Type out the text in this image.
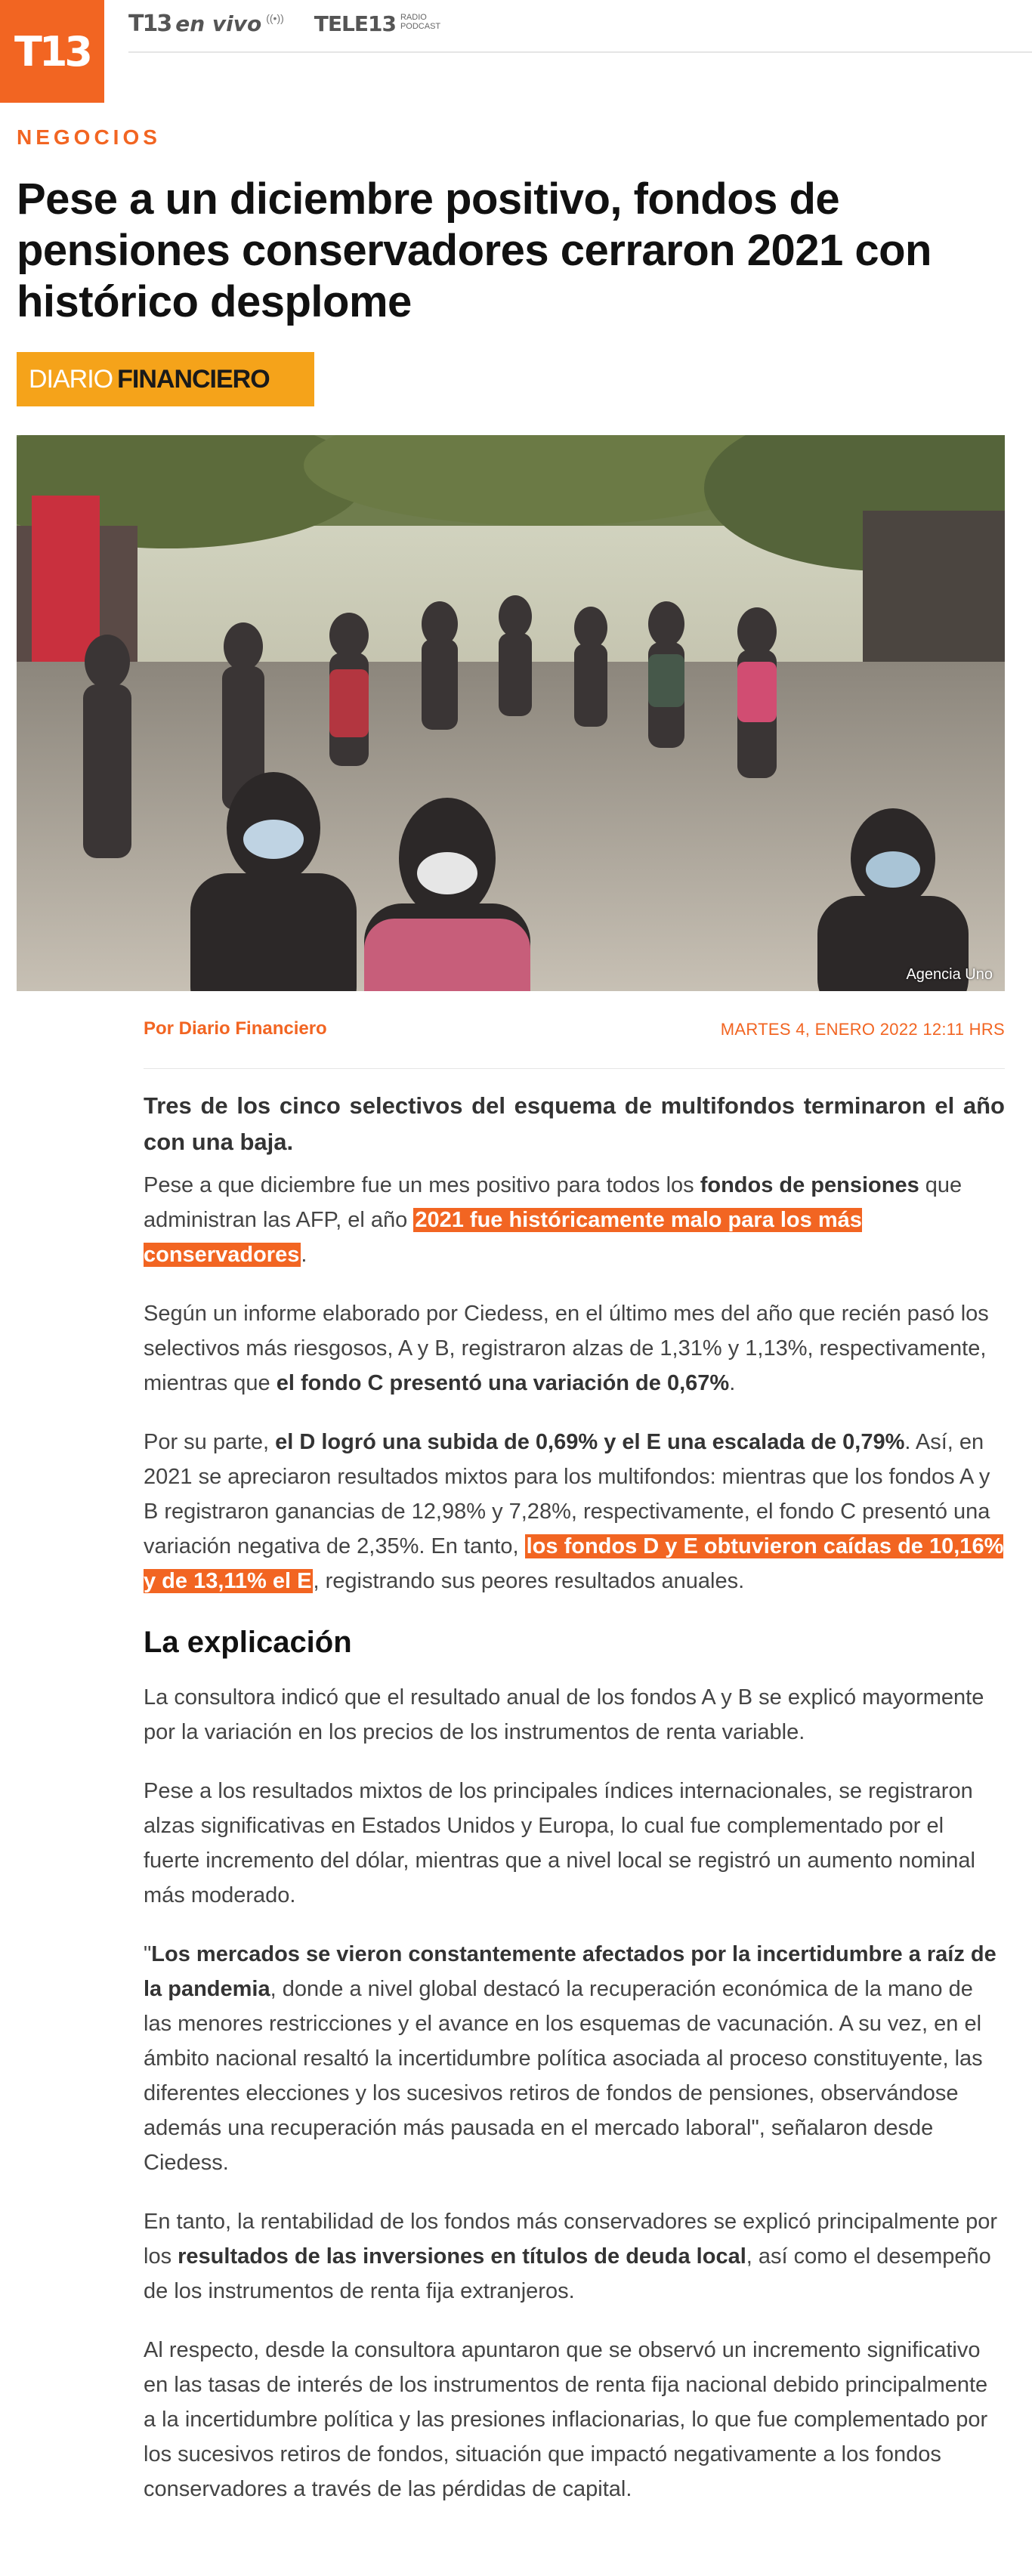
T13
T13 en vivo ((•)) TELE13 RADIO
PODCAST
NEGOCIOS
Pese a un diciembre positivo, fondos de pensiones conservadores cerraron 2021 con histórico desplome
DIARIO FINANCIERO
Agencia Uno
Por Diario Financiero	MARTES 4, ENERO 2022 12:11 HRS

Tres de los cinco selectivos del esquema de multifondos terminaron el año con una baja.

Pese a que diciembre fue un mes positivo para todos los fondos de pensiones que administran las AFP, el año 2021 fue históricamente malo para los más conservadores.

Según un informe elaborado por Ciedess, en el último mes del año que recién pasó los selectivos más riesgosos, A y B, registraron alzas de 1,31% y 1,13%, respectivamente, mientras que el fondo C presentó una variación de 0,67%.

Por su parte, el D logró una subida de 0,69% y el E una escalada de 0,79%. Así, en 2021 se apreciaron resultados mixtos para los multifondos: mientras que los fondos A y B registraron ganancias de 12,98% y 7,28%, respectivamente, el fondo C presentó una variación negativa de 2,35%. En tanto, los fondos D y E obtuvieron caídas de 10,16% y de 13,11% el E, registrando sus peores resultados anuales.

La explicación

La consultora indicó que el resultado anual de los fondos A y B se explicó mayormente por la variación en los precios de los instrumentos de renta variable.

Pese a los resultados mixtos de los principales índices internacionales, se registraron alzas significativas en Estados Unidos y Europa, lo cual fue complementado por el fuerte incremento del dólar, mientras que a nivel local se registró un aumento nominal más moderado.

"Los mercados se vieron constantemente afectados por la incertidumbre a raíz de la pandemia, donde a nivel global destacó la recuperación económica de la mano de las menores restricciones y el avance en los esquemas de vacunación. A su vez, en el ámbito nacional resaltó la incertidumbre política asociada al proceso constituyente, las diferentes elecciones y los sucesivos retiros de fondos de pensiones, observándose además una recuperación más pausada en el mercado laboral", señalaron desde Ciedess.

En tanto, la rentabilidad de los fondos más conservadores se explicó principalmente por los resultados de las inversiones en títulos de deuda local, así como el desempeño de los instrumentos de renta fija extranjeros.

Al respecto, desde la consultora apuntaron que se observó un incremento significativo en las tasas de interés de los instrumentos de renta fija nacional debido principalmente a la incertidumbre política y las presiones inflacionarias, lo que fue complementado por los sucesivos retiros de fondos, situación que impactó negativamente a los fondos conservadores a través de las pérdidas de capital.
